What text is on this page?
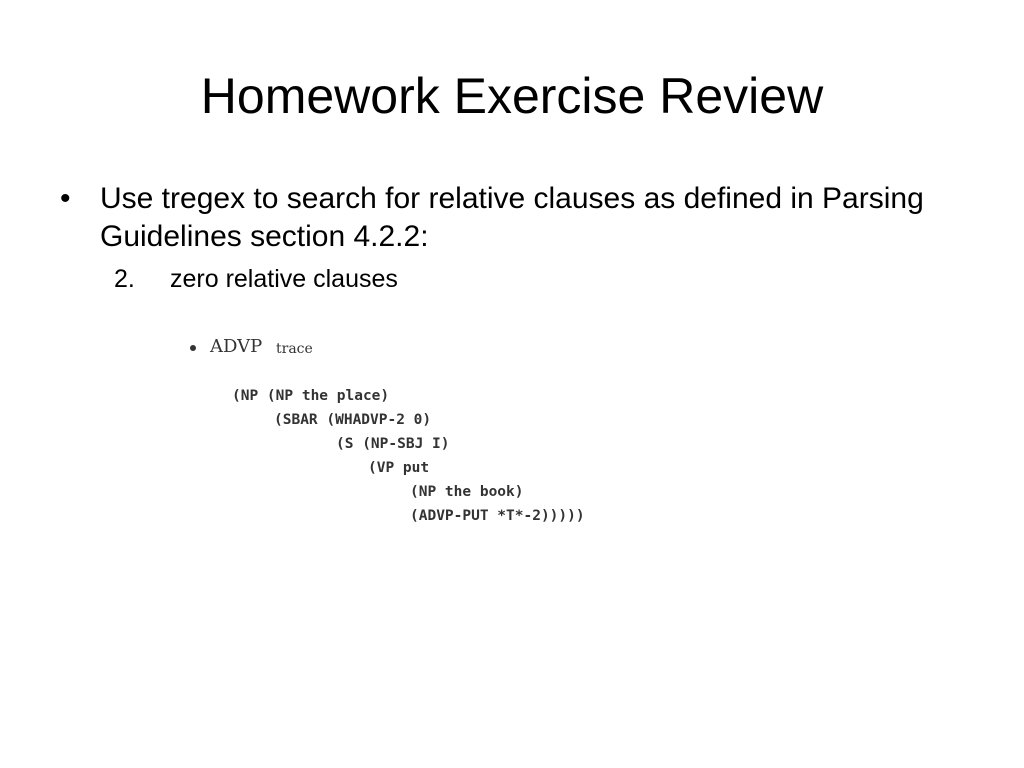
Homework Exercise Review
• Use tregex to search for relative clauses as defined in Parsing Guidelines section 4.2.2:
2. zero relative clauses
ADVP trace
(NP (NP the place)
(SBAR (WHADVP-2 0)
(S (NP-SBJ I)
(VP put
(NP the book)
(ADVP-PUT *T*-2)))))
